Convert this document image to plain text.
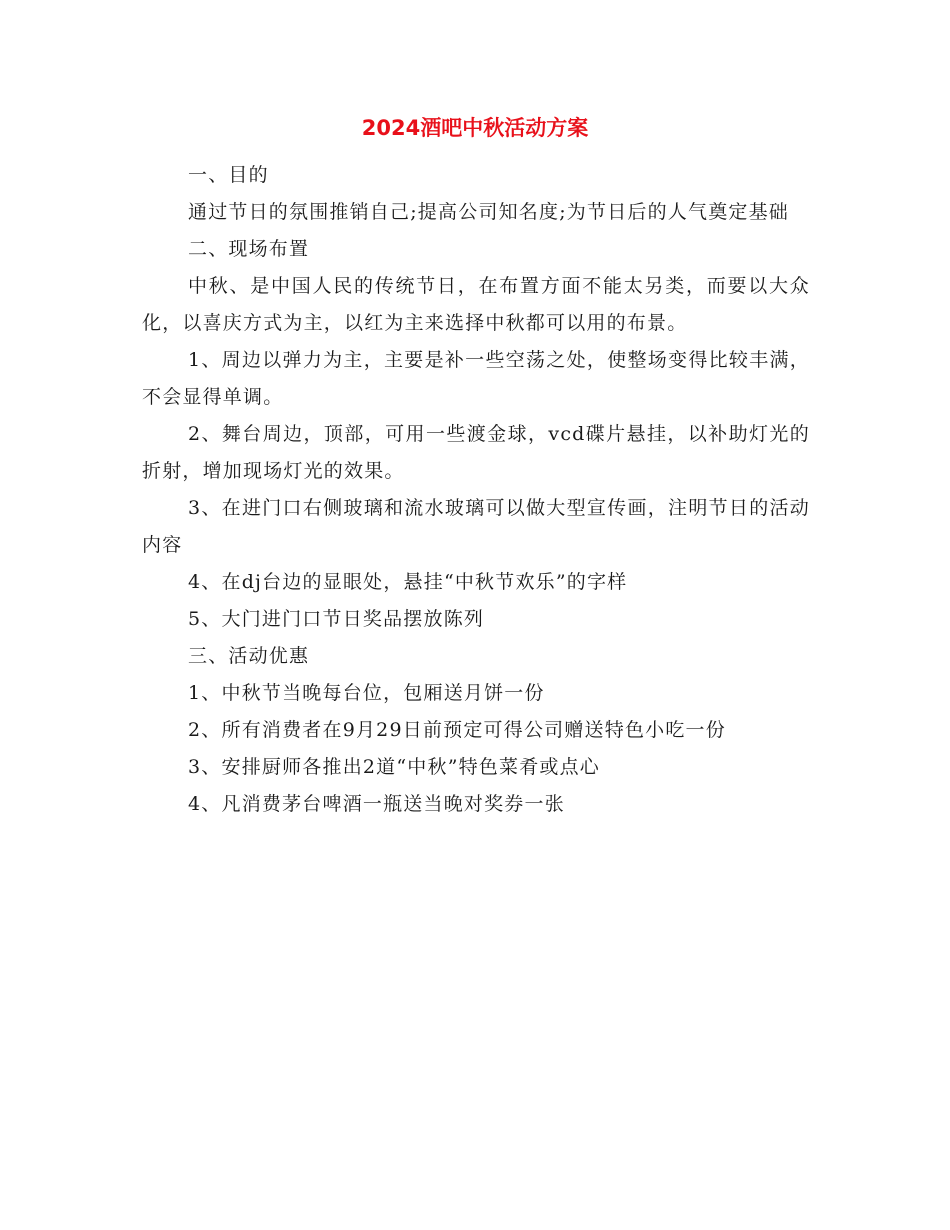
2024酒吧中秋活动方案

一、目的

通过节日的氛围推销自己;提高公司知名度;为节日后的人气奠定基础

二、现场布置

中秋、是中国人民的传统节日，在布置方面不能太另类，而要以大众化，以喜庆方式为主，以红为主来选择中秋都可以用的布景。

1、周边以弹力为主，主要是补一些空荡之处，使整场变得比较丰满，不会显得单调。

2、舞台周边，顶部，可用一些渡金球，vcd碟片悬挂，以补助灯光的折射，增加现场灯光的效果。

3、在进门口右侧玻璃和流水玻璃可以做大型宣传画，注明节日的活动内容

4、在dj台边的显眼处，悬挂“中秋节欢乐”的字样

5、大门进门口节日奖品摆放陈列

三、活动优惠

1、中秋节当晚每台位，包厢送月饼一份

2、所有消费者在9月29日前预定可得公司赠送特色小吃一份

3、安排厨师各推出2道“中秋”特色菜肴或点心

4、凡消费茅台啤酒一瓶送当晚对奖券一张
